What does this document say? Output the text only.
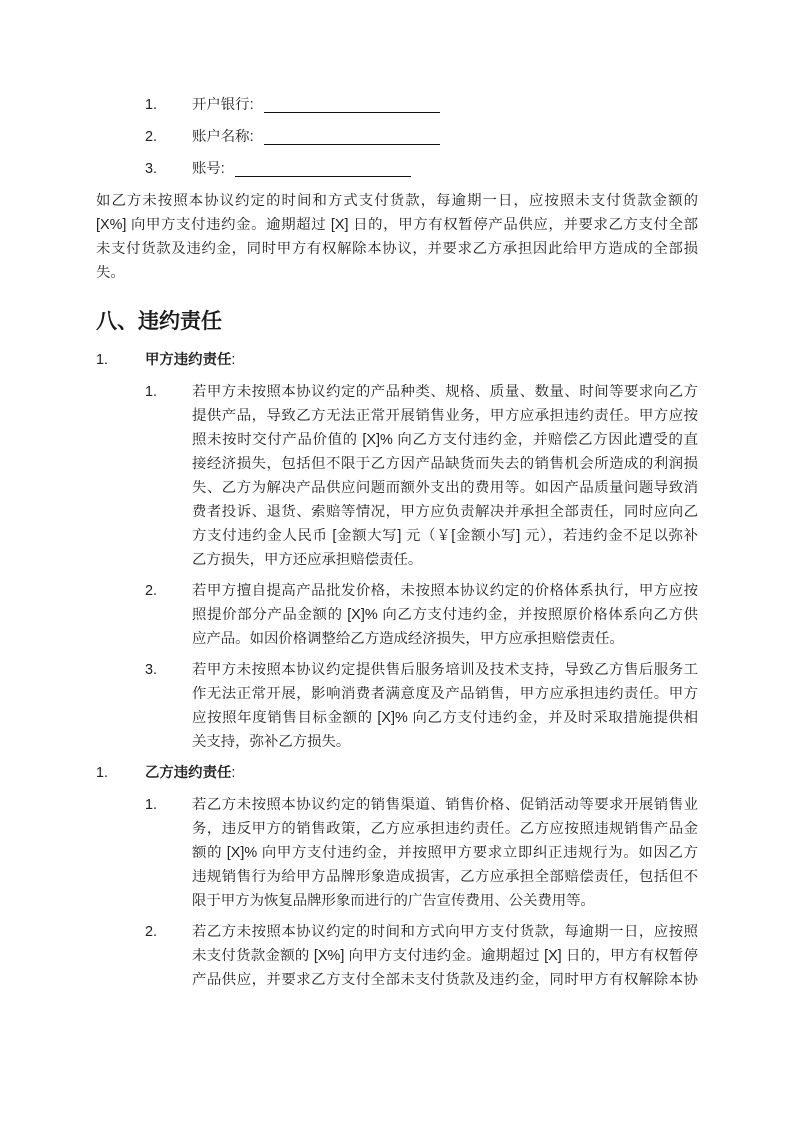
1.	开户银行:
2.	账户名称:
3.	账号:
如乙方未按照本协议约定的时间和方式支付货款，每逾期一日，应按照未支付货款金额的
[X%] 向甲方支付违约金。逾期超过 [X] 日的，甲方有权暂停产品供应，并要求乙方支付全部
未支付货款及违约金，同时甲方有权解除本协议，并要求乙方承担因此给甲方造成的全部损
失。
八、违约责任
1.	甲方违约责任 :
1.	若甲方未按照本协议约定的产品种类、规格、质量、数量、时间等要求向乙方
提供产品，导致乙方无法正常开展销售业务，甲方应承担违约责任。甲方应按
照未按时交付产品价值的 [X]% 向乙方支付违约金，并赔偿乙方因此遭受的直
接经济损失，包括但不限于乙方因产品缺货而失去的销售机会所造成的利润损
失、乙方为解决产品供应问题而额外支出的费用等。如因产品质量问题导致消
费者投诉、退货、索赔等情况，甲方应负责解决并承担全部责任，同时应向乙
方支付违约金人民币 [金额大写] 元（￥[金额小写] 元），若违约金不足以弥补
乙方损失，甲方还应承担赔偿责任。
2.	若甲方擅自提高产品批发价格，未按照本协议约定的价格体系执行，甲方应按
照提价部分产品金额的 [X]% 向乙方支付违约金，并按照原价格体系向乙方供
应产品。如因价格调整给乙方造成经济损失，甲方应承担赔偿责任。
3.	若甲方未按照本协议约定提供售后服务培训及技术支持，导致乙方售后服务工
作无法正常开展，影响消费者满意度及产品销售，甲方应承担违约责任。甲方
应按照年度销售目标金额的 [X]% 向乙方支付违约金，并及时采取措施提供相
关支持，弥补乙方损失。
1.	乙方违约责任 :
1.	若乙方未按照本协议约定的销售渠道、销售价格、促销活动等要求开展销售业
务，违反甲方的销售政策，乙方应承担违约责任。乙方应按照违规销售产品金
额的 [X]% 向甲方支付违约金，并按照甲方要求立即纠正违规行为。如因乙方
违规销售行为给甲方品牌形象造成损害，乙方应承担全部赔偿责任，包括但不
限于甲方为恢复品牌形象而进行的广告宣传费用、公关费用等。
2.	若乙方未按照本协议约定的时间和方式向甲方支付货款，每逾期一日，应按照
未支付货款金额的 [X%] 向甲方支付违约金。逾期超过 [X] 日的，甲方有权暂停
产品供应，并要求乙方支付全部未支付货款及违约金，同时甲方有权解除本协
